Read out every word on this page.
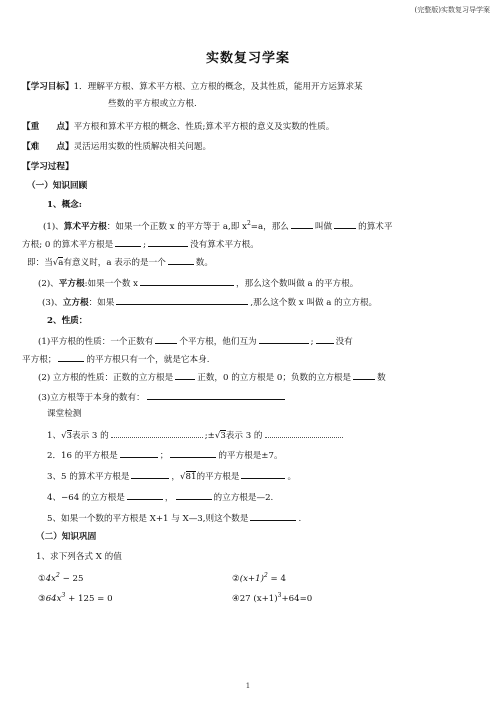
(完整版)实数复习导学案
实数复习学案
【学习目标】1．理解平方根、算术平方根、立方根的概念，及其性质，能用开方运算求某
些数的平方根或立方根.
【重　　点】平方根和算术平方根的概念、性质;算术平方根的意义及实数的性质。
【难　　点】灵活运用实数的性质解决相关问题。
【学习过程】
（一）知识回顾
1、概念:
(1)、算术平方根：如果一个正数 x 的平方等于 a,即 $x^2=a$，那么	叫做	的算术平
方根; 0 的算术平方根是	;	没有算术平方根。
即：当√a有意义时，a 表示的是一个	数。
(2)、平方根:如果一个数 x	，那么这个数叫做 a 的平方根。
(3)、立方根：如果	,那么这个数 x 叫做 a 的立方根。
2、性质：
(1)平方根的性质：一个正数有	个平方根，他们互为	;	没有
平方根；	的平方根只有一个，就是它本身.
(2) 立方根的性质：正数的立方根是	正数，0 的立方根是 0；负数的立方根是	数
(3)立方根等于本身的数有：
课堂检测
1、√3表示 3 的	;±√3表示 3 的
2．16 的平方根是	；	的平方根是±7。
3、5 的算术平方根是	，√81的平方根是	。
4、−64 的立方根是	，	的立方根是—2.
5、如果一个数的平方根是 X+1 与 X—3,则这个数是	.
（二）知识巩固
1、求下列各式 X 的值
$①4x^2 - 25$	$②(x+1)^2 = 4$
$③64x^3 + 125 = 0$	④27 $(x+1)^3+64=0$
1
